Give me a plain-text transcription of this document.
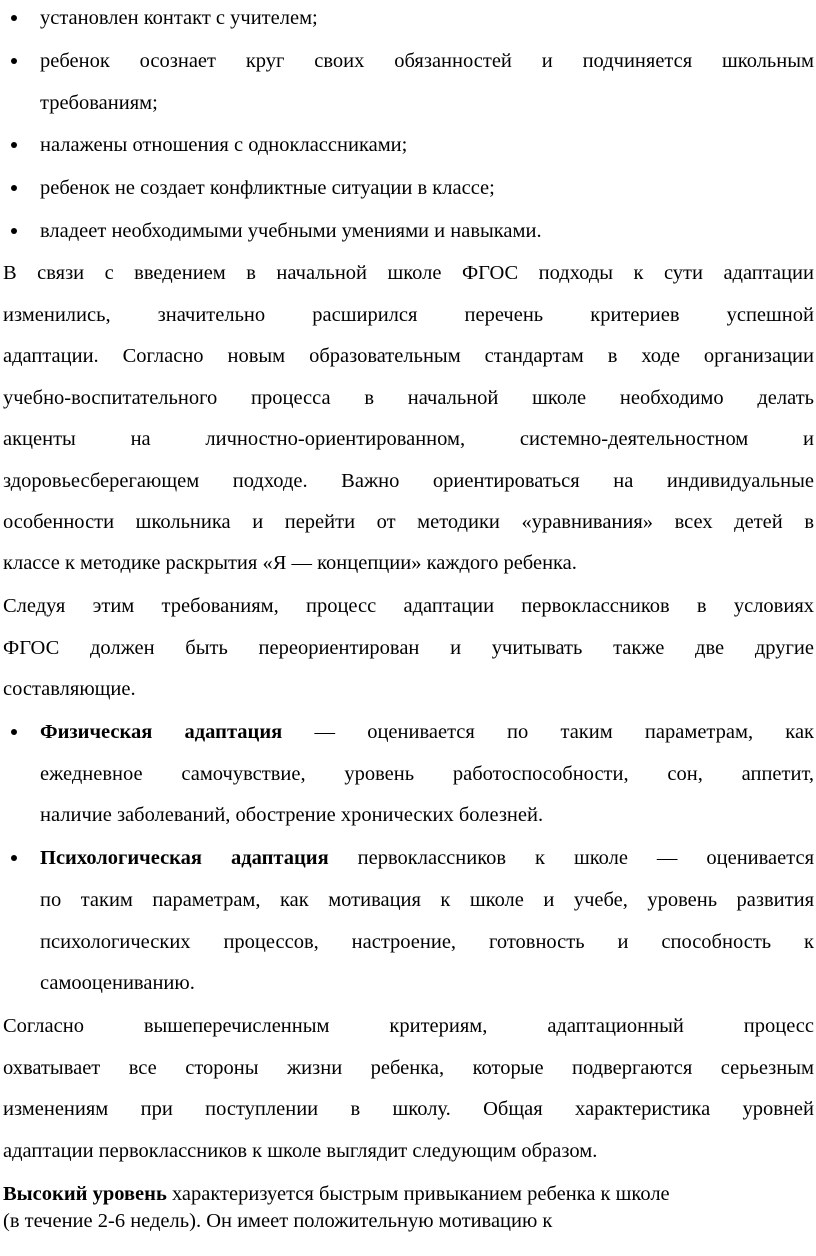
установлен контакт с учителем;
ребенок осознает круг своих обязанностей и подчиняется школьным
требованиям;
налажены отношения с одноклассниками;
ребенок не создает конфликтные ситуации в классе;
владеет необходимыми учебными умениями и навыками.
В связи с введением в начальной школе ФГОС подходы к сути адаптации
изменились, значительно расширился перечень критериев успешной
адаптации. Согласно новым образовательным стандартам в ходе организации
учебно-воспитательного процесса в начальной школе необходимо делать
акценты на личностно-ориентированном, системно-деятельностном и
здоровьесберегающем подходе. Важно ориентироваться на индивидуальные
особенности школьника и перейти от методики «уравнивания» всех детей в
классе к методике раскрытия «Я — концепции» каждого ребенка.
Следуя этим требованиям, процесс адаптации первоклассников в условиях
ФГОС должен быть переориентирован и учитывать также две другие
составляющие.
Физическая адаптация — оценивается по таким параметрам, как
ежедневное самочувствие, уровень работоспособности, сон, аппетит,
наличие заболеваний, обострение хронических болезней.
Психологическая адаптация первоклассников к школе — оценивается
по таким параметрам, как мотивация к школе и учебе, уровень развития
психологических процессов, настроение, готовность и способность к
самооцениванию.
Согласно вышеперечисленным критериям, адаптационный процесс
охватывает все стороны жизни ребенка, которые подвергаются серьезным
изменениям при поступлении в школу. Общая характеристика уровней
адаптации первоклассников к школе выглядит следующим образом.
Высокий уровень характеризуется быстрым привыканием ребенка к школе
(в течение 2-6 недель). Он имеет положительную мотивацию к
